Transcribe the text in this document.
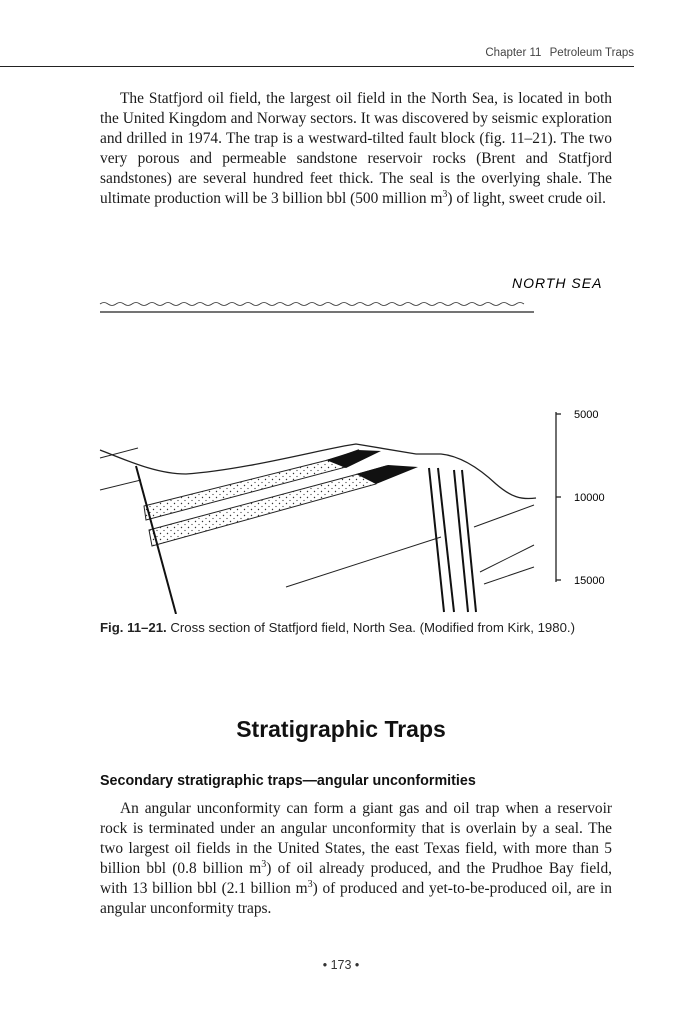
Chapter 11 Petroleum Traps

The Statfjord oil field, the largest oil field in the North Sea, is located in both the United Kingdom and Norway sectors. It was discovered by seismic exploration and drilled in 1974. The trap is a westward-tilted fault block (fig. 11–21). The two very porous and permeable sandstone reservoir rocks (Brent and Statfjord sandstones) are several hundred feet thick. The seal is the overlying shale. The ultimate production will be 3 billion bbl (500 million $m^3$) of light, sweet crude oil.

NORTH SEA
5000
10000
15000
Fig. 11–21. Cross section of Statfjord field, North Sea. (Modified from Kirk, 1980.)
Stratigraphic Traps
Secondary stratigraphic traps—angular unconformities

An angular unconformity can form a giant gas and oil trap when a reservoir rock is terminated under an angular unconformity that is overlain by a seal. The two largest oil fields in the United States, the east Texas field, with more than 5 billion bbl (0.8 billion $m^3$) of oil already produced, and the Prudhoe Bay field, with 13 billion bbl (2.1 billion $m^3$) of produced and yet-to-be-produced oil, are in angular unconformity traps.

• 173 •
